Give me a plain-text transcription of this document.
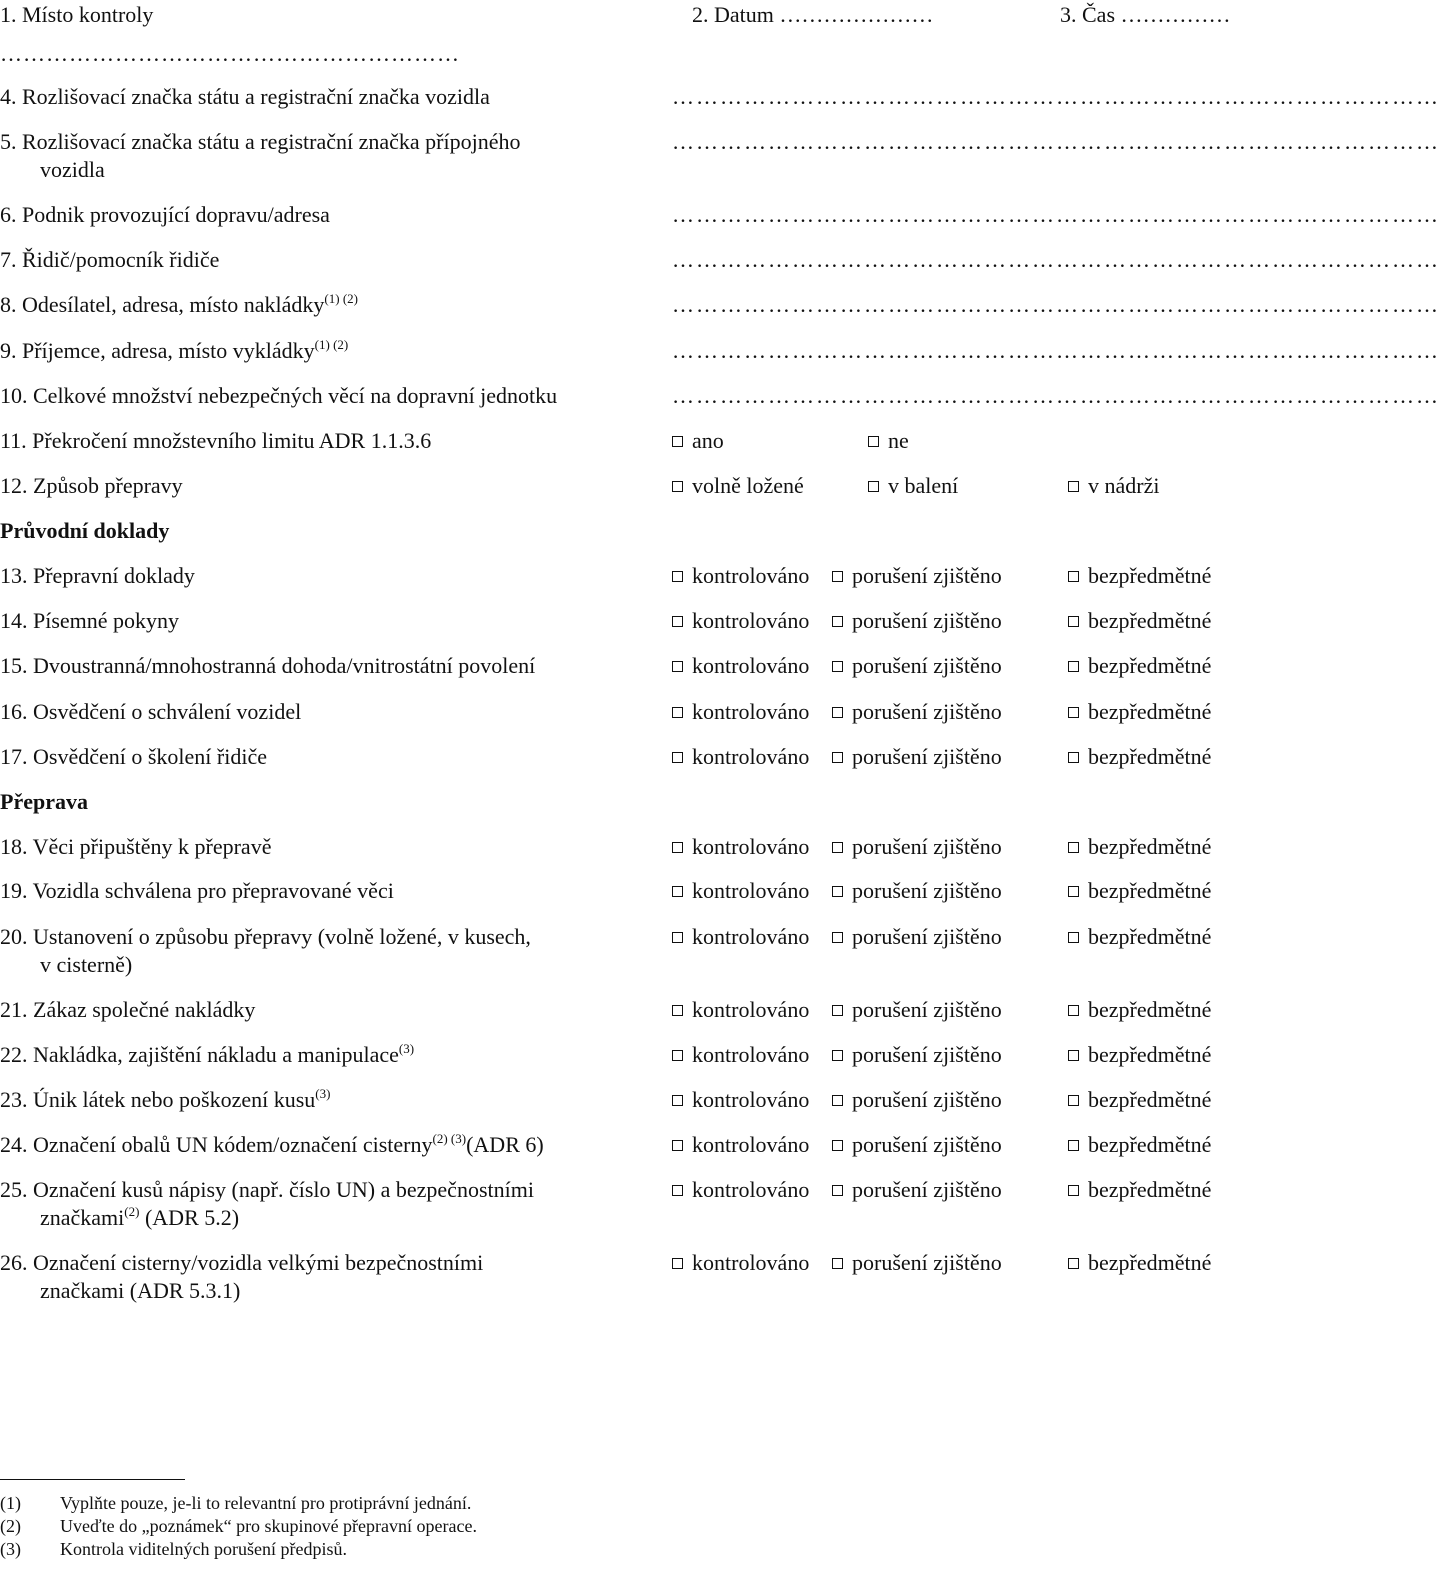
1. Místo kontroly	2. Datum …………………	3. Čas ……………
……………………………………………………
4. Rozlišovací značka státu a registrační značka vozidla	……………………………………………………………………………………
5. Rozlišovací značka státu a registrační značka přípojného
vozidla
……………………………………………………………………………………
6. Podnik provozující dopravu/adresa	……………………………………………………………………………………
7. Řidič/pomocník řidiče	……………………………………………………………………………………
8. Odesílatel, adresa, místo nakládky$^{(1) (2)}$	……………………………………………………………………………………
9. Příjemce, adresa, místo vykládky$^{(1) (2)}$	……………………………………………………………………………………
10. Celkové množství nebezpečných věcí na dopravní jednotku	……………………………………………………………………………………
11. Překročení množstevního limitu ADR 1.1.3.6	ano	ne
12. Způsob přepravy	volně ložené	v balení	v nádrži
Průvodní doklady
Přeprava
13. Přepravní doklady	kontrolováno	porušení zjištěno	bezpředmětné
14. Písemné pokyny	kontrolováno	porušení zjištěno	bezpředmětné
15. Dvoustranná/mnohostranná dohoda/vnitrostátní povolení	kontrolováno	porušení zjištěno	bezpředmětné
16. Osvědčení o schválení vozidel	kontrolováno	porušení zjištěno	bezpředmětné
17. Osvědčení o školení řidiče	kontrolováno	porušení zjištěno	bezpředmětné
18. Věci připuštěny k přepravě	kontrolováno	porušení zjištěno	bezpředmětné
19. Vozidla schválena pro přepravované věci	kontrolováno	porušení zjištěno	bezpředmětné
20. Ustanovení o způsobu přepravy (volně ložené, v kusech,
v cisterně)
kontrolováno	porušení zjištěno	bezpředmětné
21. Zákaz společné nakládky	kontrolováno	porušení zjištěno	bezpředmětné
22. Nakládka, zajištění nákladu a manipulace$^{(3)}$	kontrolováno	porušení zjištěno	bezpředmětné
23. Únik látek nebo poškození kusu$^{(3)}$	kontrolováno	porušení zjištěno	bezpředmětné
24. Označení obalů UN kódem/označení cisterny$^{(2) (3)}$(ADR 6)	kontrolováno	porušení zjištěno	bezpředmětné
25. Označení kusů nápisy (např. číslo UN) a bezpečnostními
značkami$^{(2)}$ (ADR 5.2)
kontrolováno	porušení zjištěno	bezpředmětné
26. Označení cisterny/vozidla velkými bezpečnostními
značkami (ADR 5.3.1)
kontrolováno	porušení zjištěno	bezpředmětné
(1) Vyplňte pouze, je-li to relevantní pro protiprávní jednání.
(2) Uveďte do „poznámek“ pro skupinové přepravní operace.
(3) Kontrola viditelných porušení předpisů.
